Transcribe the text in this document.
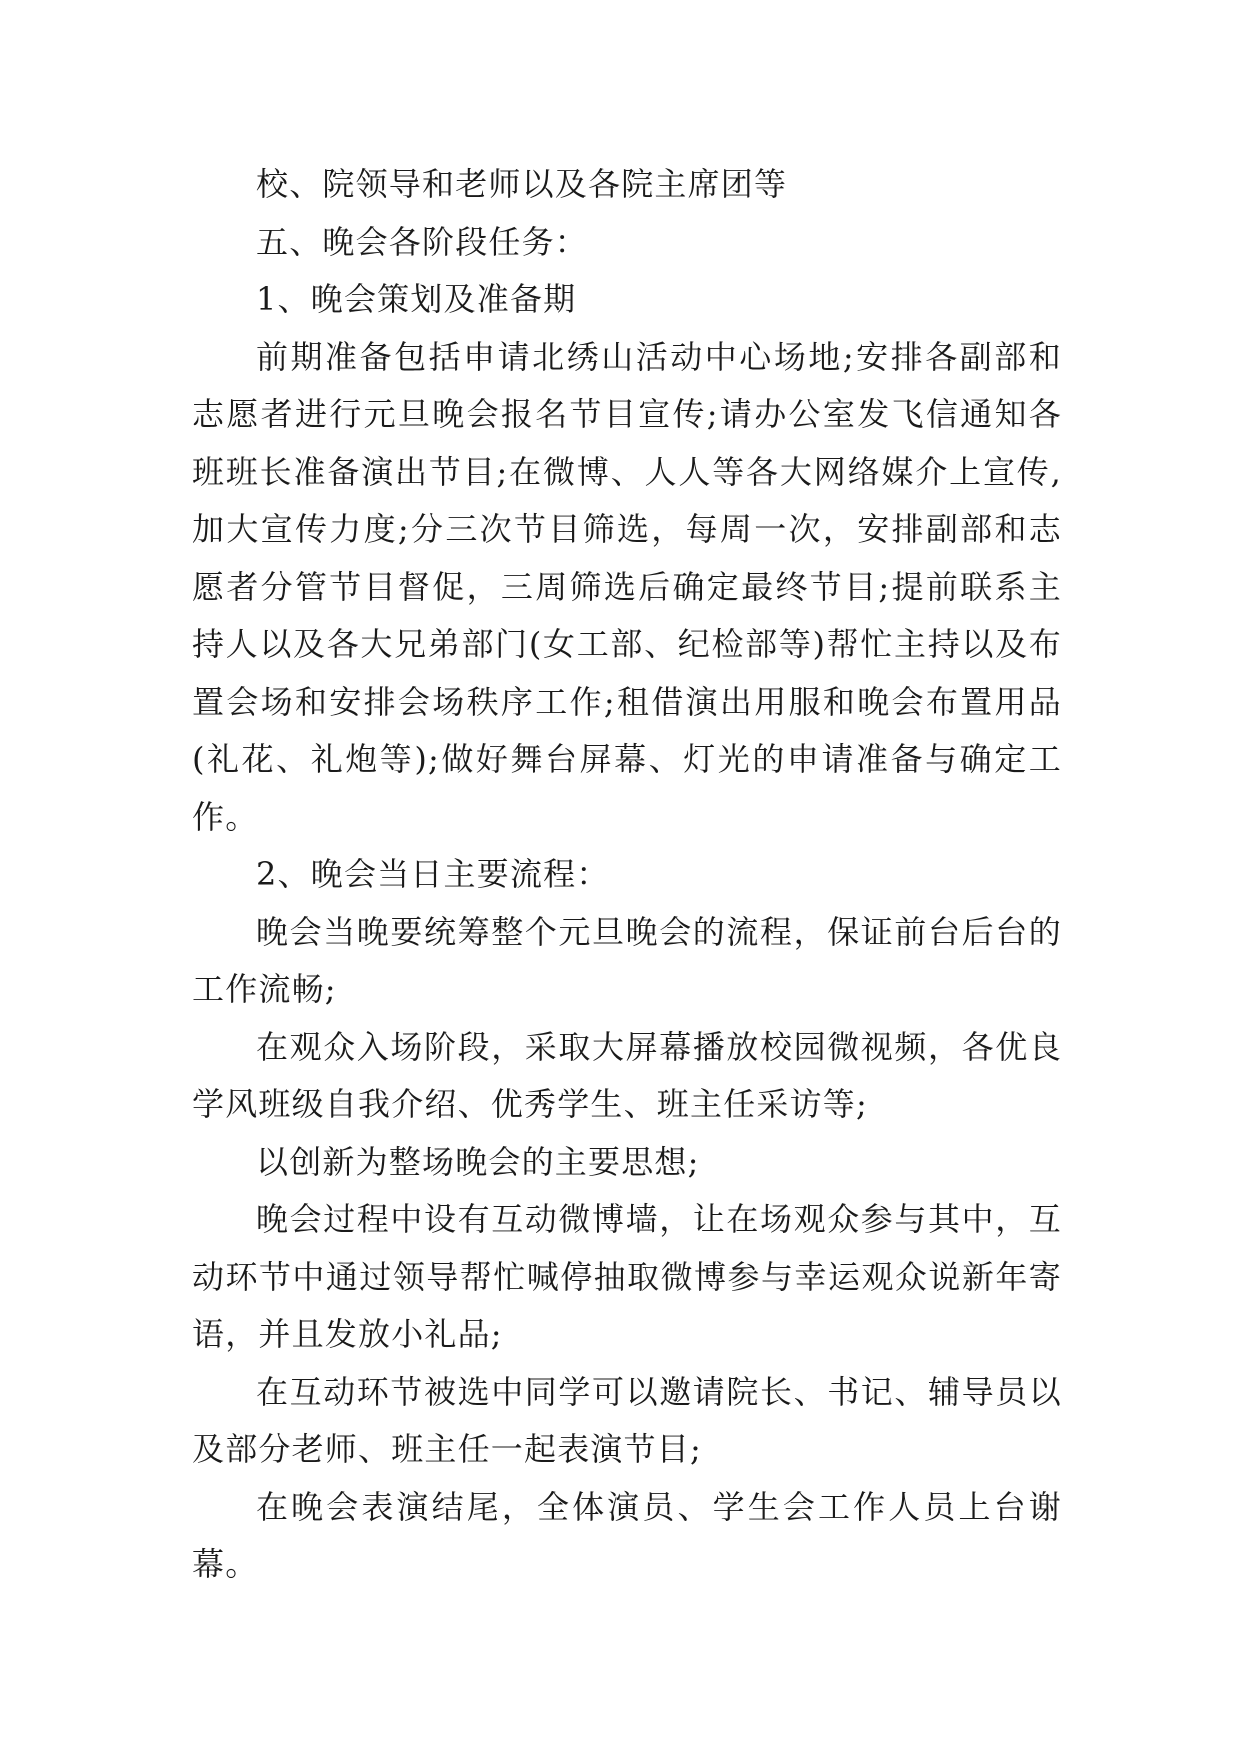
校、院领导和老师以及各院主席团等

五、晚会各阶段任务：

1、晚会策划及准备期

前期准备包括申请北绣山活动中心场地;安排各副部和志愿者进行元旦晚会报名节目宣传;请办公室发飞信通知各班班长准备演出节目;在微博、人人等各大网络媒介上宣传,加大宣传力度;分三次节目筛选，每周一次，安排副部和志愿者分管节目督促，三周筛选后确定最终节目;提前联系主持人以及各大兄弟部门(女工部、纪检部等)帮忙主持以及布置会场和安排会场秩序工作;租借演出用服和晚会布置用品(礼花、礼炮等);做好舞台屏幕、灯光的申请准备与确定工作。

2、晚会当日主要流程：

晚会当晚要统筹整个元旦晚会的流程，保证前台后台的工作流畅;

在观众入场阶段，采取大屏幕播放校园微视频，各优良学风班级自我介绍、优秀学生、班主任采访等;

以创新为整场晚会的主要思想;

晚会过程中设有互动微博墙，让在场观众参与其中，互动环节中通过领导帮忙喊停抽取微博参与幸运观众说新年寄语，并且发放小礼品;

在互动环节被选中同学可以邀请院长、书记、辅导员以及部分老师、班主任一起表演节目;

在晚会表演结尾，全体演员、学生会工作人员上台谢幕。
